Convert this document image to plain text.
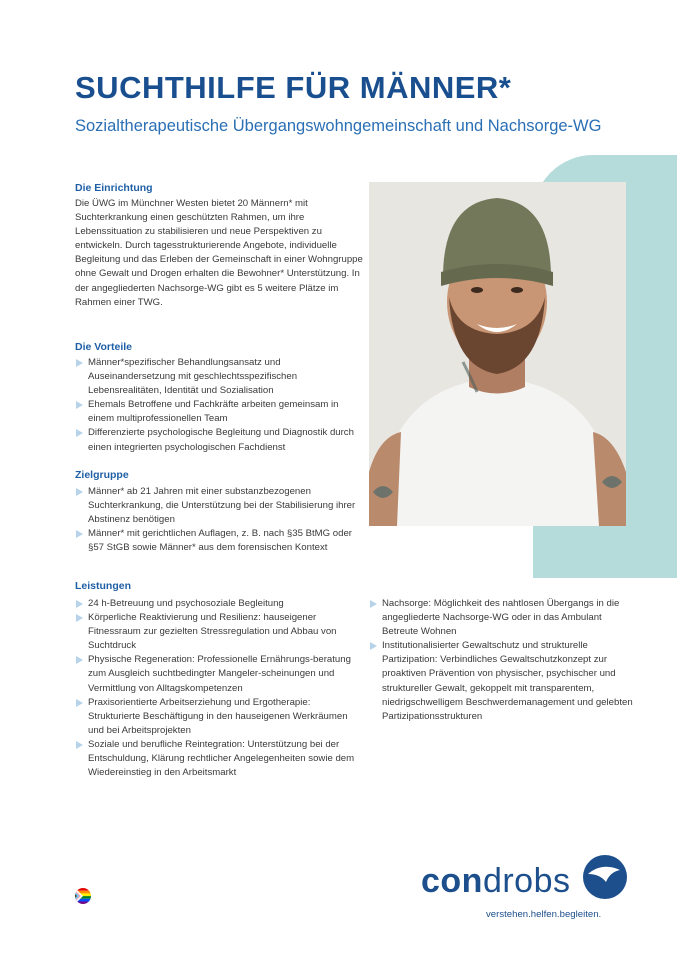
SUCHTHILFE FÜR MÄNNER*
Sozialtherapeutische Übergangswohngemeinschaft und Nachsorge-WG
Die Einrichtung
Die ÜWG im Münchner Westen bietet 20 Männern* mit Suchterkrankung einen geschützten Rahmen, um ihre Lebenssituation zu stabilisieren und neue Perspektiven zu entwickeln. Durch tagesstrukturierende Angebote, individuelle Begleitung und das Erleben der Gemeinschaft in einer Wohngruppe ohne Gewalt und Drogen erhalten die Bewohner* Unterstützung. In der angegliederten Nachsorge-WG gibt es 5 weitere Plätze im Rahmen einer TWG.
Die Vorteile
Männer*spezifischer Behandlungsansatz und Auseinandersetzung mit geschlechtsspezifischen Lebensrealitäten, Identität und Sozialisation
Ehemals Betroffene und Fachkräfte arbeiten gemeinsam in einem multiprofessionellen Team
Differenzierte psychologische Begleitung und Diagnostik durch einen integrierten psychologischen Fachdienst
Zielgruppe
Männer* ab 21 Jahren mit einer substanzbezogenen Suchterkrankung, die Unterstützung bei der Stabilisierung ihrer Abstinenz benötigen
Männer* mit gerichtlichen Auflagen, z. B. nach §35 BtMG oder §57 StGB sowie Männer* aus dem forensischen Kontext
Leistungen
24 h-Betreuung und psychosoziale Begleitung
Körperliche Reaktivierung und Resilienz: hauseigener Fitnessraum zur gezielten Stressregulation und Abbau von Suchtdruck
Physische Regeneration: Professionelle Ernährungs-beratung zum Ausgleich suchtbedingter Mangeler-scheinungen und Vermittlung von Alltagskompetenzen
Praxisorientierte Arbeitserziehung und Ergotherapie: Strukturierte Beschäftigung in den hauseigenen Werkräumen und bei Arbeitsprojekten
Soziale und berufliche Reintegration: Unterstützung bei der Entschuldung, Klärung rechtlicher Angelegenheiten sowie dem Wiedereinstieg in den Arbeitsmarkt
Nachsorge: Möglichkeit des nahtlosen Übergangs in die angegliederte Nachsorge-WG oder in das Ambulant Betreute Wohnen
Institutionalisierter Gewaltschutz und strukturelle Partizipation: Verbindliches Gewaltschutzkonzept zur proaktiven Prävention von physischer, psychischer und struktureller Gewalt, gekoppelt mit transparentem, niedrigschwelligem Beschwerdemanagement und gelebten Partizipationsstrukturen
condrobs
verstehen.helfen.begleiten.
